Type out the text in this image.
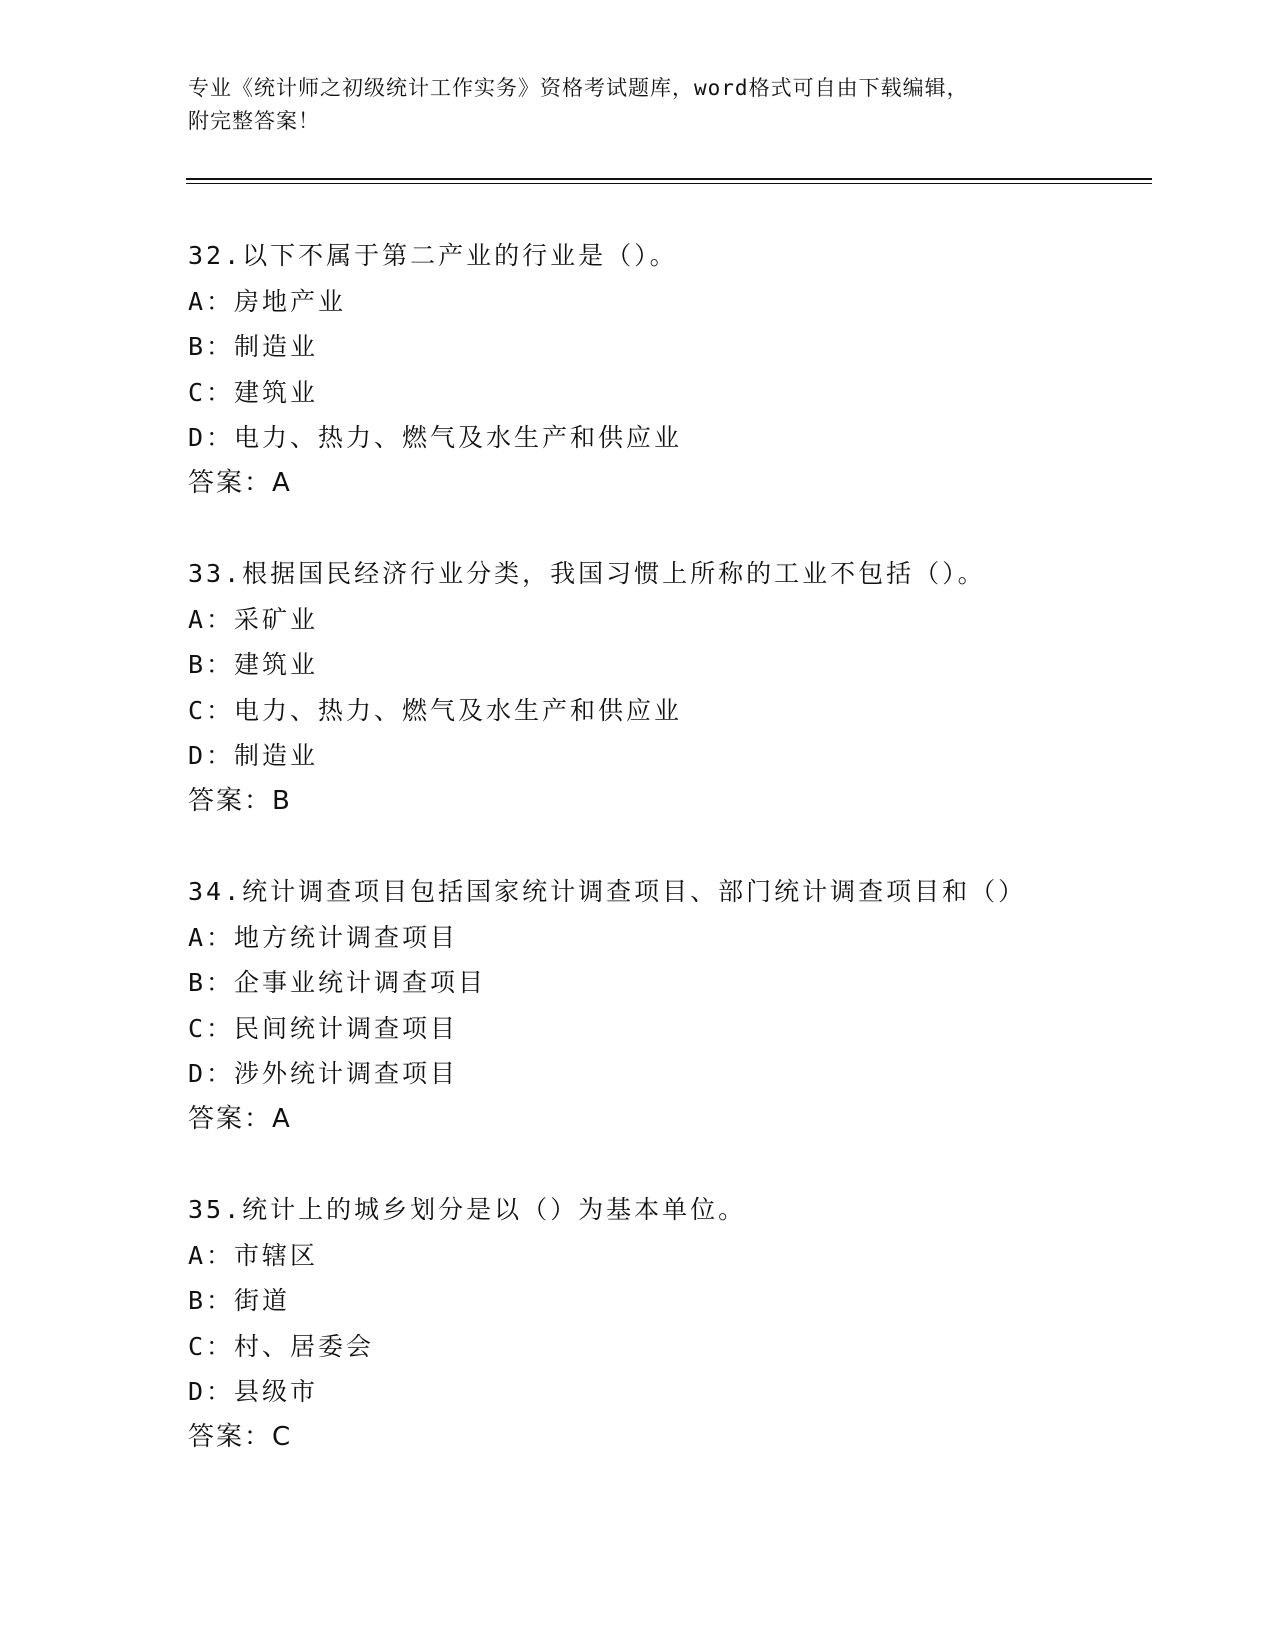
专业《统计师之初级统计工作实务》资格考试题库，word格式可自由下载编辑，
附完整答案！
32.以下不属于第二产业的行业是（）。
A：房地产业
B：制造业
C：建筑业
D：电力、热力、燃气及水生产和供应业
答案：A
33.根据国民经济行业分类，我国习惯上所称的工业不包括（）。
A：采矿业
B：建筑业
C：电力、热力、燃气及水生产和供应业
D：制造业
答案：B
34.统计调查项目包括国家统计调查项目、部门统计调查项目和（）
A：地方统计调查项目
B：企事业统计调查项目
C：民间统计调查项目
D：涉外统计调查项目
答案：A
35.统计上的城乡划分是以（）为基本单位。
A：市辖区
B：街道
C：村、居委会
D：县级市
答案：C
